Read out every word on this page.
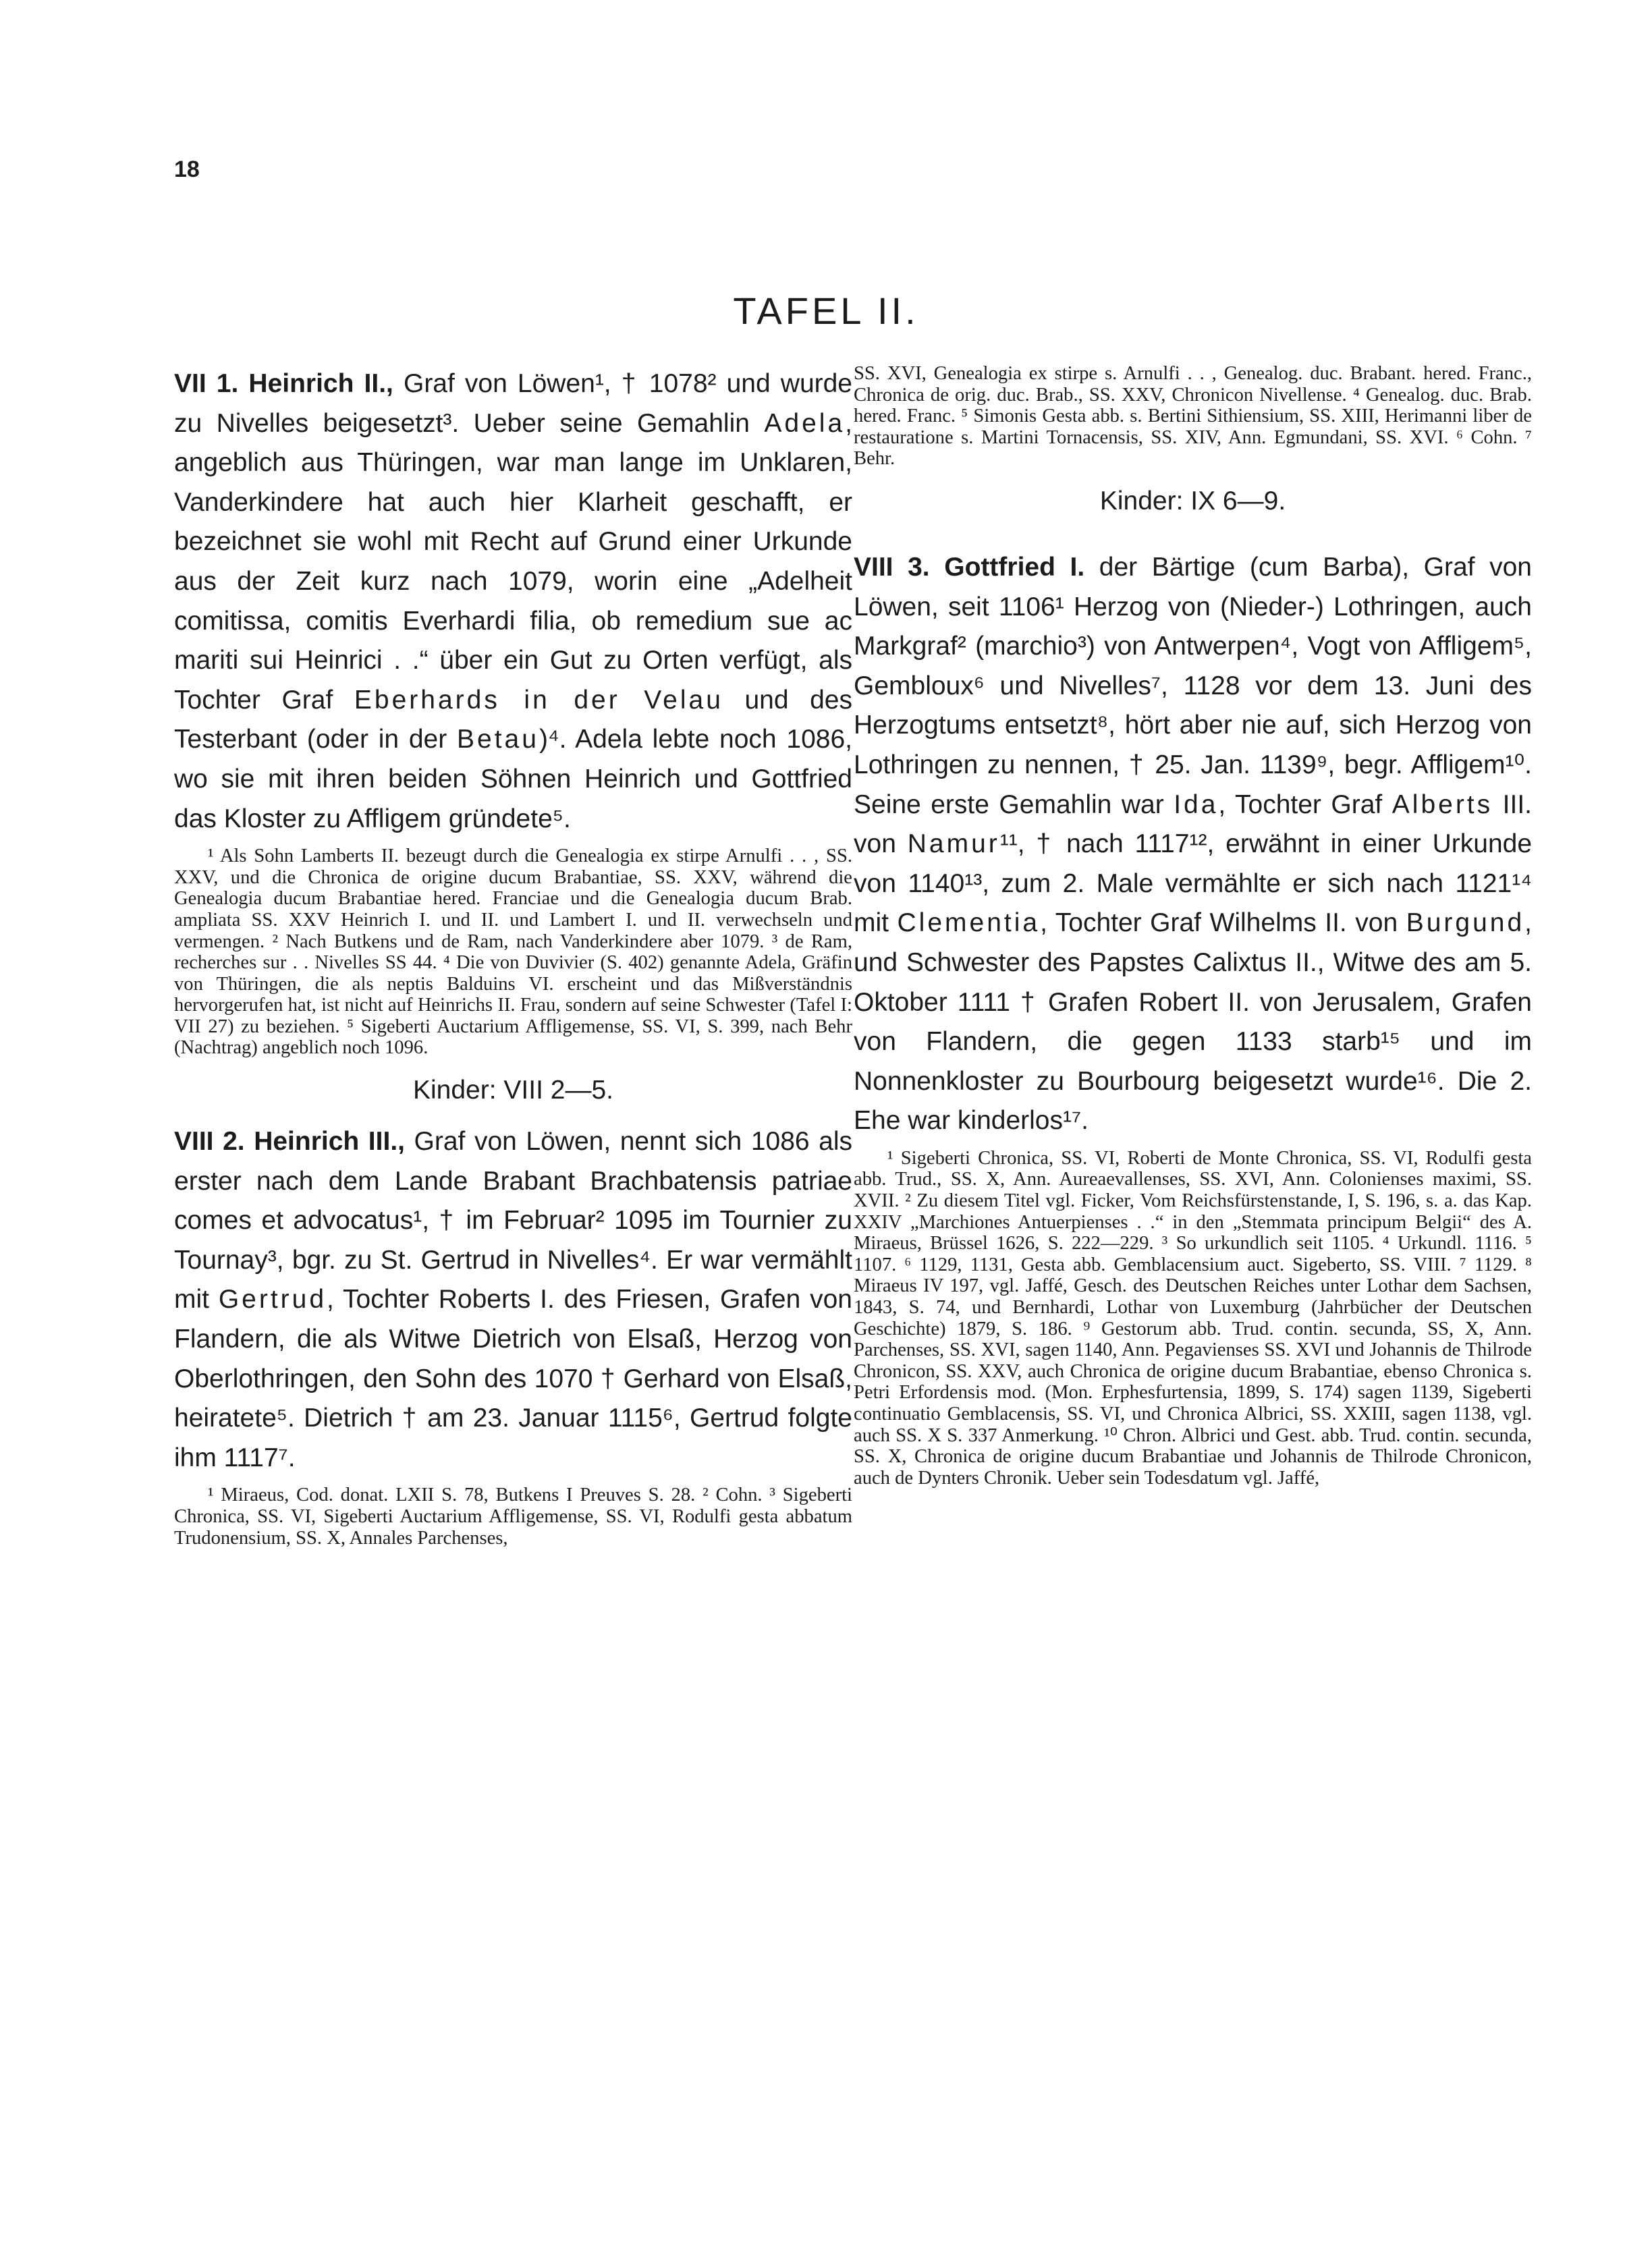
18
TAFEL II.

VII 1. Heinrich II., Graf von Löwen¹, † 1078² und wurde zu Nivelles beigesetzt³. Ueber seine Gemahlin Adela, angeblich aus Thüringen, war man lange im Unklaren, Vanderkindere hat auch hier Klarheit geschafft, er bezeichnet sie wohl mit Recht auf Grund einer Urkunde aus der Zeit kurz nach 1079, worin eine „Adelheit comitissa, comitis Everhardi filia, ob remedium sue ac mariti sui Heinrici . .“ über ein Gut zu Orten verfügt, als Tochter Graf Eberhards in der Velau und des Testerbant (oder in der Betau)⁴. Adela lebte noch 1086, wo sie mit ihren beiden Söhnen Heinrich und Gottfried das Kloster zu Affligem gründete⁵.

¹ Als Sohn Lamberts II. bezeugt durch die Genealogia ex stirpe Arnulfi . . , SS. XXV, und die Chronica de origine ducum Brabantiae, SS. XXV, während die Genealogia ducum Brabantiae hered. Franciae und die Genealogia ducum Brab. ampliata SS. XXV Heinrich I. und II. und Lambert I. und II. verwechseln und vermengen. ² Nach Butkens und de Ram, nach Vanderkindere aber 1079. ³ de Ram, recherches sur . . Nivelles SS 44. ⁴ Die von Duvivier (S. 402) genannte Adela, Gräfin von Thüringen, die als neptis Balduins VI. erscheint und das Mißverständnis hervorgerufen hat, ist nicht auf Heinrichs II. Frau, sondern auf seine Schwester (Tafel I: VII 27) zu beziehen. ⁵ Sigeberti Auctarium Affligemense, SS. VI, S. 399, nach Behr (Nachtrag) angeblich noch 1096.

Kinder: VIII 2—5.

VIII 2. Heinrich III., Graf von Löwen, nennt sich 1086 als erster nach dem Lande Brabant Brachbatensis patriae comes et advocatus¹, † im Februar² 1095 im Tournier zu Tournay³, bgr. zu St. Gertrud in Nivelles⁴. Er war vermählt mit Gertrud, Tochter Roberts I. des Friesen, Grafen von Flandern, die als Witwe Dietrich von Elsaß, Herzog von Oberlothringen, den Sohn des 1070 † Gerhard von Elsaß, heiratete⁵. Dietrich † am 23. Januar 1115⁶, Gertrud folgte ihm 1117⁷.

¹ Miraeus, Cod. donat. LXII S. 78, Butkens I Preuves S. 28. ² Cohn. ³ Sigeberti Chronica, SS. VI, Sigeberti Auctarium Affligemense, SS. VI, Rodulfi gesta abbatum Trudonensium, SS. X, Annales Parchenses,

SS. XVI, Genealogia ex stirpe s. Arnulfi . . , Genealog. duc. Brabant. hered. Franc., Chronica de orig. duc. Brab., SS. XXV, Chronicon Nivellense. ⁴ Genealog. duc. Brab. hered. Franc. ⁵ Simonis Gesta abb. s. Bertini Sithiensium, SS. XIII, Herimanni liber de restauratione s. Martini Tornacensis, SS. XIV, Ann. Egmundani, SS. XVI. ⁶ Cohn. ⁷ Behr.

Kinder: IX 6—9.

VIII 3. Gottfried I. der Bärtige (cum Barba), Graf von Löwen, seit 1106¹ Herzog von (Nieder-) Lothringen, auch Markgraf² (marchio³) von Antwerpen⁴, Vogt von Affligem⁵, Gembloux⁶ und Nivelles⁷, 1128 vor dem 13. Juni des Herzogtums entsetzt⁸, hört aber nie auf, sich Herzog von Lothringen zu nennen, † 25. Jan. 1139⁹, begr. Affligem¹⁰. Seine erste Gemahlin war Ida, Tochter Graf Alberts III. von Namur¹¹, † nach 1117¹², erwähnt in einer Urkunde von 1140¹³, zum 2. Male vermählte er sich nach 1121¹⁴ mit Clementia, Tochter Graf Wilhelms II. von Burgund, und Schwester des Papstes Calixtus II., Witwe des am 5. Oktober 1111 † Grafen Robert II. von Jerusalem, Grafen von Flandern, die gegen 1133 starb¹⁵ und im Nonnenkloster zu Bourbourg beigesetzt wurde¹⁶. Die 2. Ehe war kinderlos¹⁷.

¹ Sigeberti Chronica, SS. VI, Roberti de Monte Chronica, SS. VI, Rodulfi gesta abb. Trud., SS. X, Ann. Aureaevallenses, SS. XVI, Ann. Colonienses maximi, SS. XVII. ² Zu diesem Titel vgl. Ficker, Vom Reichsfürstenstande, I, S. 196, s. a. das Kap. XXIV „Marchiones Antuerpienses . .“ in den „Stemmata principum Belgii“ des A. Miraeus, Brüssel 1626, S. 222—229. ³ So urkundlich seit 1105. ⁴ Urkundl. 1116. ⁵ 1107. ⁶ 1129, 1131, Gesta abb. Gemblacensium auct. Sigeberto, SS. VIII. ⁷ 1129. ⁸ Miraeus IV 197, vgl. Jaffé, Gesch. des Deutschen Reiches unter Lothar dem Sachsen, 1843, S. 74, und Bernhardi, Lothar von Luxemburg (Jahrbücher der Deutschen Geschichte) 1879, S. 186. ⁹ Gestorum abb. Trud. contin. secunda, SS, X, Ann. Parchenses, SS. XVI, sagen 1140, Ann. Pegavienses SS. XVI und Johannis de Thilrode Chronicon, SS. XXV, auch Chronica de origine ducum Brabantiae, ebenso Chronica s. Petri Erfordensis mod. (Mon. Erphesfurtensia, 1899, S. 174) sagen 1139, Sigeberti continuatio Gemblacensis, SS. VI, und Chronica Albrici, SS. XXIII, sagen 1138, vgl. auch SS. X S. 337 Anmerkung. ¹⁰ Chron. Albrici und Gest. abb. Trud. contin. secunda, SS. X, Chronica de origine ducum Brabantiae und Johannis de Thilrode Chronicon, auch de Dynters Chronik. Ueber sein Todesdatum vgl. Jaffé,
